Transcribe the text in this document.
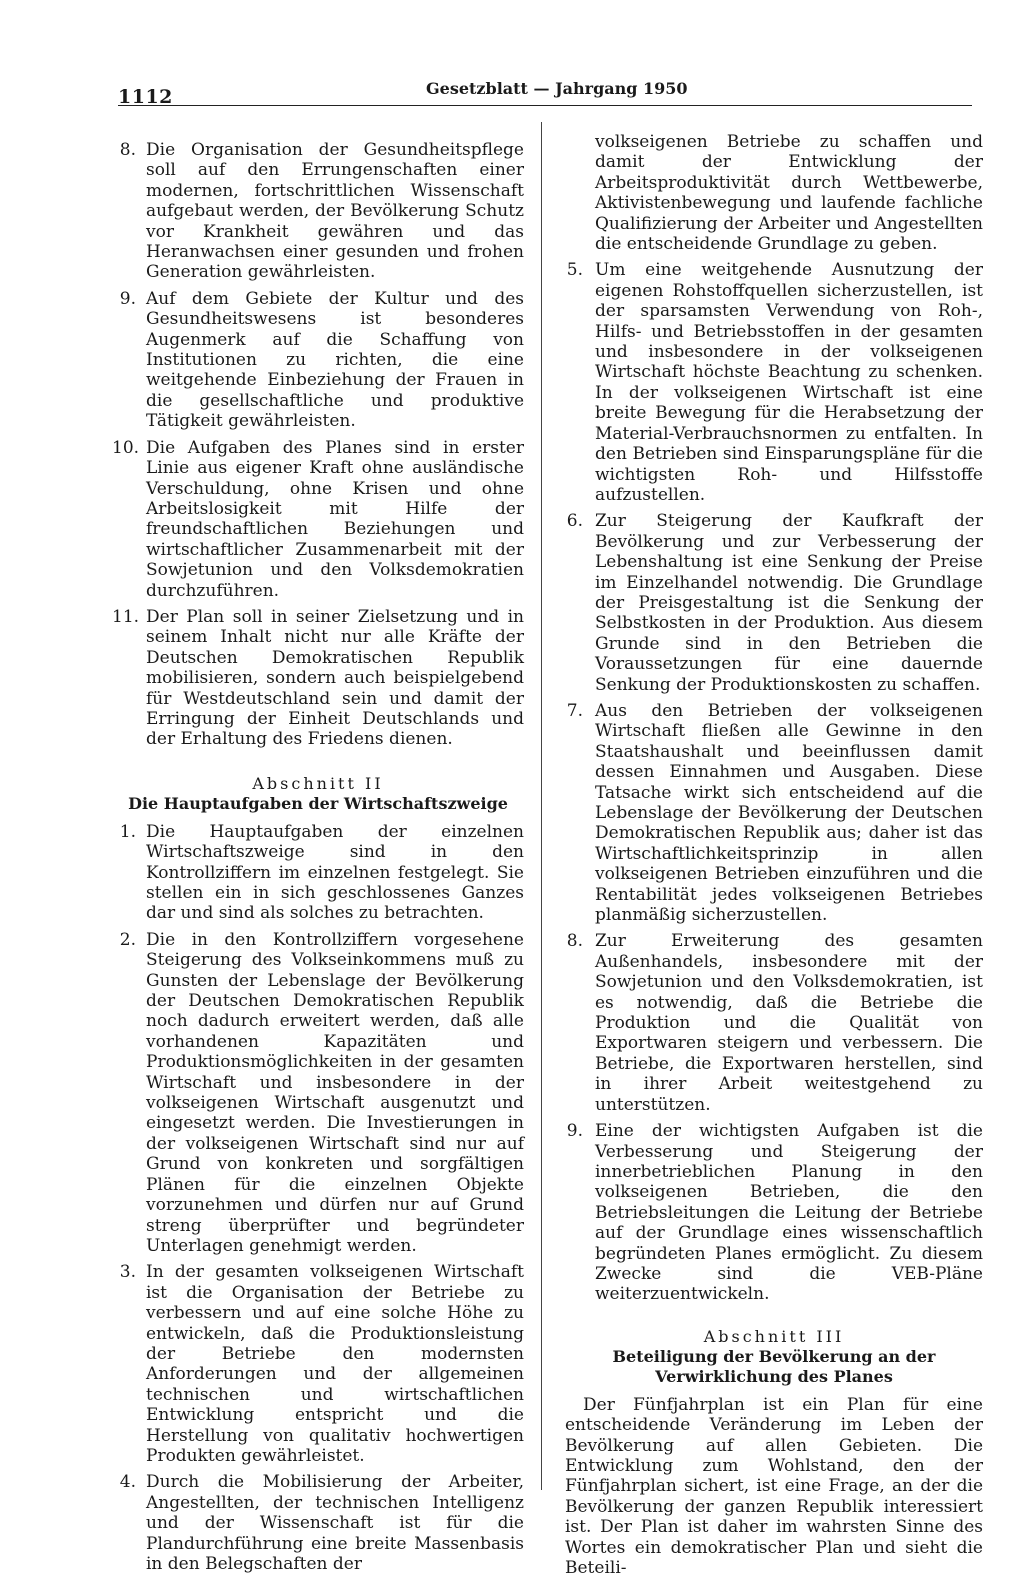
1112	Gesetzblatt — Jahrgang 1950
8. Die Organisation der Gesundheitspflege soll auf den Errungenschaften einer modernen, fortschrittlichen Wissenschaft aufgebaut werden, der Bevölkerung Schutz vor Krankheit gewähren und das Heranwachsen einer gesunden und frohen Generation gewährleisten.
9. Auf dem Gebiete der Kultur und des Gesundheitswesens ist besonderes Augenmerk auf die Schaffung von Institutionen zu richten, die eine weitgehende Einbeziehung der Frauen in die gesellschaftliche und produktive Tätigkeit gewährleisten.
10. Die Aufgaben des Planes sind in erster Linie aus eigener Kraft ohne ausländische Verschuldung, ohne Krisen und ohne Arbeitslosigkeit mit Hilfe der freundschaftlichen Beziehungen und wirtschaftlicher Zusammenarbeit mit der Sowjetunion und den Volksdemokratien durchzuführen.
11. Der Plan soll in seiner Zielsetzung und in seinem Inhalt nicht nur alle Kräfte der Deutschen Demokratischen Republik mobilisieren, sondern auch beispielgebend für Westdeutschland sein und damit der Erringung der Einheit Deutschlands und der Erhaltung des Friedens dienen.
Abschnitt II
Die Hauptaufgaben der Wirtschaftszweige
1. Die Hauptaufgaben der einzelnen Wirtschaftszweige sind in den Kontrollziffern im einzelnen festgelegt. Sie stellen ein in sich geschlossenes Ganzes dar und sind als solches zu betrachten.
2. Die in den Kontrollziffern vorgesehene Steigerung des Volkseinkommens muß zu Gunsten der Lebenslage der Bevölkerung der Deutschen Demokratischen Republik noch dadurch erweitert werden, daß alle vorhandenen Kapazitäten und Produktionsmöglichkeiten in der gesamten Wirtschaft und insbesondere in der volkseigenen Wirtschaft ausgenutzt und eingesetzt werden. Die Investierungen in der volkseigenen Wirtschaft sind nur auf Grund von konkreten und sorgfältigen Plänen für die einzelnen Objekte vorzunehmen und dürfen nur auf Grund streng überprüfter und begründeter Unterlagen genehmigt werden.
3. In der gesamten volkseigenen Wirtschaft ist die Organisation der Betriebe zu verbessern und auf eine solche Höhe zu entwickeln, daß die Produktionsleistung der Betriebe den modernsten Anforderungen und der allgemeinen technischen und wirtschaftlichen Entwicklung entspricht und die Herstellung von qualitativ hochwertigen Produkten gewährleistet.
4. Durch die Mobilisierung der Arbeiter, Angestellten, der technischen Intelligenz und der Wissenschaft ist für die Plandurchführung eine breite Massenbasis in den Belegschaften der
volkseigenen Betriebe zu schaffen und damit der Entwicklung der Arbeitsproduktivität durch Wettbewerbe, Aktivistenbewegung und laufende fachliche Qualifizierung der Arbeiter und Angestellten die entscheidende Grundlage zu geben.
5. Um eine weitgehende Ausnutzung der eigenen Rohstoffquellen sicherzustellen, ist der sparsamsten Verwendung von Roh-, Hilfs- und Betriebsstoffen in der gesamten und insbesondere in der volkseigenen Wirtschaft höchste Beachtung zu schenken. In der volkseigenen Wirtschaft ist eine breite Bewegung für die Herabsetzung der Material-Verbrauchsnormen zu entfalten. In den Betrieben sind Einsparungspläne für die wichtigsten Roh- und Hilfsstoffe aufzustellen.
6. Zur Steigerung der Kaufkraft der Bevölkerung und zur Verbesserung der Lebenshaltung ist eine Senkung der Preise im Einzelhandel notwendig. Die Grundlage der Preisgestaltung ist die Senkung der Selbstkosten in der Produktion. Aus diesem Grunde sind in den Betrieben die Voraussetzungen für eine dauernde Senkung der Produktionskosten zu schaffen.
7. Aus den Betrieben der volkseigenen Wirtschaft fließen alle Gewinne in den Staatshaushalt und beeinflussen damit dessen Einnahmen und Ausgaben. Diese Tatsache wirkt sich entscheidend auf die Lebenslage der Bevölkerung der Deutschen Demokratischen Republik aus; daher ist das Wirtschaftlichkeitsprinzip in allen volkseigenen Betrieben einzuführen und die Rentabilität jedes volkseigenen Betriebes planmäßig sicherzustellen.
8. Zur Erweiterung des gesamten Außenhandels, insbesondere mit der Sowjetunion und den Volksdemokratien, ist es notwendig, daß die Betriebe die Produktion und die Qualität von Exportwaren steigern und verbessern. Die Betriebe, die Exportwaren herstellen, sind in ihrer Arbeit weitestgehend zu unterstützen.
9. Eine der wichtigsten Aufgaben ist die Verbesserung und Steigerung der innerbetrieblichen Planung in den volkseigenen Betrieben, die den Betriebsleitungen die Leitung der Betriebe auf der Grundlage eines wissenschaftlich begründeten Planes ermöglicht. Zu diesem Zwecke sind die VEB-Pläne weiterzuentwickeln.
Abschnitt III
Beteiligung der Bevölkerung an der Verwirklichung des Planes
Der Fünfjahrplan ist ein Plan für eine entscheidende Veränderung im Leben der Bevölkerung auf allen Gebieten. Die Entwicklung zum Wohlstand, den der Fünfjahrplan sichert, ist eine Frage, an der die Bevölkerung der ganzen Republik interessiert ist. Der Plan ist daher im wahrsten Sinne des Wortes ein demokratischer Plan und sieht die Beteili-
